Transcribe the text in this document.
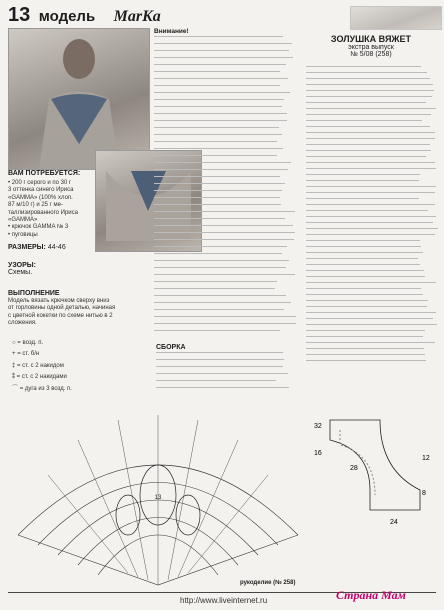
13 модель MarKa
ВАМ ПОТРЕБУЕТСЯ:
• 200 г серого и по 30 г
3 оттенка синего Ириса
«GAMMA» (100% хлоп.
87 м/10 г) и 25 г ме-
таллизированного Ириса
«GAMMA»
• крючок GAMMA № 3
• пуговицы
РАЗМЕРЫ: 44-46
УЗОРЫ:
Схемы.
ВЫПОЛНЕНИЕ
Модель вязать крючком сверху вниз
от горловины одной деталью, начиная
с цветной кокетки по схеме нитью в 2
сложения.
○ = возд. п.
+ = ст. б/н
‡ = ст. с 2 накидом
⁑ = ст. с 2 накидами
⌒ = дуга из 3 возд. п.
Внимание!
СБОРКА
ЗОЛУШКА ВЯЖЕТ
экстра выпуск
№ 5/08 (258)
13
32
16
28
12
8
24
рукоделие (№ 258)
http://www.liveinternet.ru	Страна Мам
